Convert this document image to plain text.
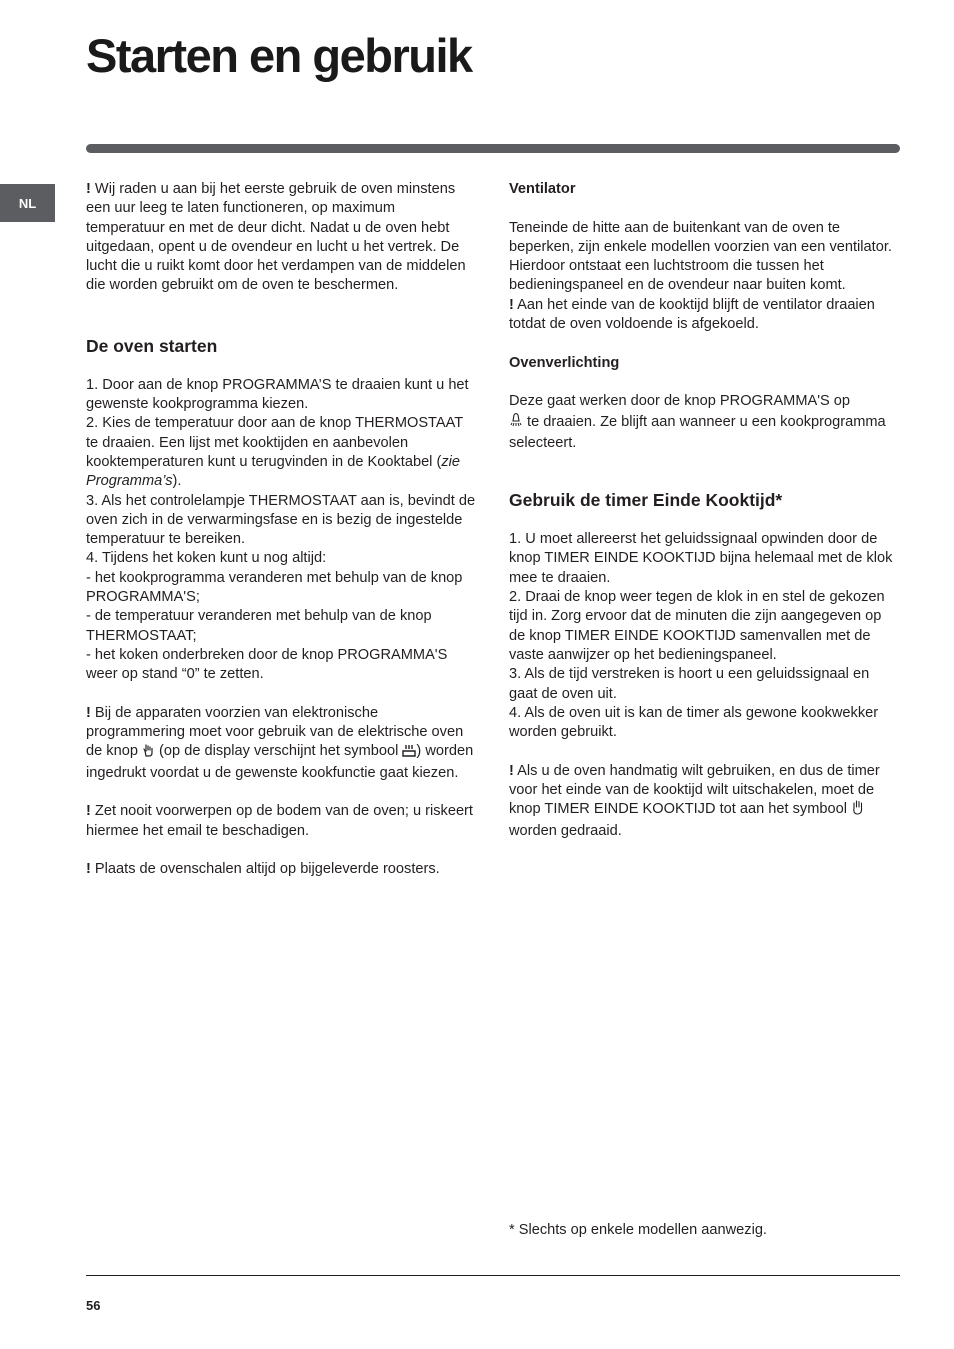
Starten en gebruik
NL

! Wij raden u aan bij het eerste gebruik de oven minstens een uur leeg te laten functioneren, op maximum temperatuur en met de deur dicht. Nadat u de oven hebt uitgedaan, opent u de ovendeur en lucht u het vertrek. De lucht die u ruikt komt door het verdampen van de middelen die worden gebruikt om de oven te beschermen.

De oven starten

1. Door aan de knop PROGRAMMA’S te draaien kunt u het gewenste kookprogramma kiezen.

2. Kies de temperatuur door aan de knop THERMOSTAAT te draaien. Een lijst met kooktijden en aanbevolen kooktemperaturen kunt u terugvinden in de Kooktabel (zie Programma’s).

3. Als het controlelampje THERMOSTAAT aan is, bevindt de oven zich in de verwarmingsfase en is bezig de ingestelde temperatuur te bereiken.

4. Tijdens het koken kunt u nog altijd:

- het kookprogramma veranderen met behulp van de knop PROGRAMMA'S;

- de temperatuur veranderen met behulp van de knop THERMOSTAAT;

- het koken onderbreken door de knop PROGRAMMA'S weer op stand “0” te zetten.

! Bij de apparaten voorzien van elektronische programmering moet voor gebruik van de elektrische oven de knop  (op de display verschijnt het symbool ) worden ingedrukt voordat u de gewenste kookfunctie gaat kiezen.

! Zet nooit voorwerpen op de bodem van de oven; u riskeert hiermee het email te beschadigen.

! Plaats de ovenschalen altijd op bijgeleverde roosters.

Ventilator

Teneinde de hitte aan de buitenkant van de oven te beperken, zijn enkele modellen voorzien van een ventilator. Hierdoor ontstaat een luchtstroom die tussen het bedieningspaneel en de ovendeur naar buiten komt.

! Aan het einde van de kooktijd blijft de ventilator draaien totdat de oven voldoende is afgekoeld.

Ovenverlichting

Deze gaat werken door de knop PROGRAMMA'S op
te draaien. Ze blijft aan wanneer u een kookprogramma selecteert.

Gebruik de timer Einde Kooktijd*

1. U moet allereerst het geluidssignaal opwinden door de knop TIMER EINDE KOOKTIJD bijna helemaal met de klok mee te draaien.

2. Draai de knop weer tegen de klok in en stel de gekozen tijd in. Zorg ervoor dat de minuten die zijn aangegeven op de knop TIMER EINDE KOOKTIJD samenvallen met de vaste aanwijzer op het bedieningspaneel.

3. Als de tijd verstreken is hoort u een geluidssignaal en gaat de oven uit.

4. Als de oven uit is kan de timer als gewone kookwekker worden gebruikt.

! Als u de oven handmatig wilt gebruiken, en dus de timer voor het einde van de kooktijd wilt uitschakelen, moet de knop TIMER EINDE KOOKTIJD tot aan het symbool  worden gedraaid.

* Slechts op enkele modellen aanwezig.
56
